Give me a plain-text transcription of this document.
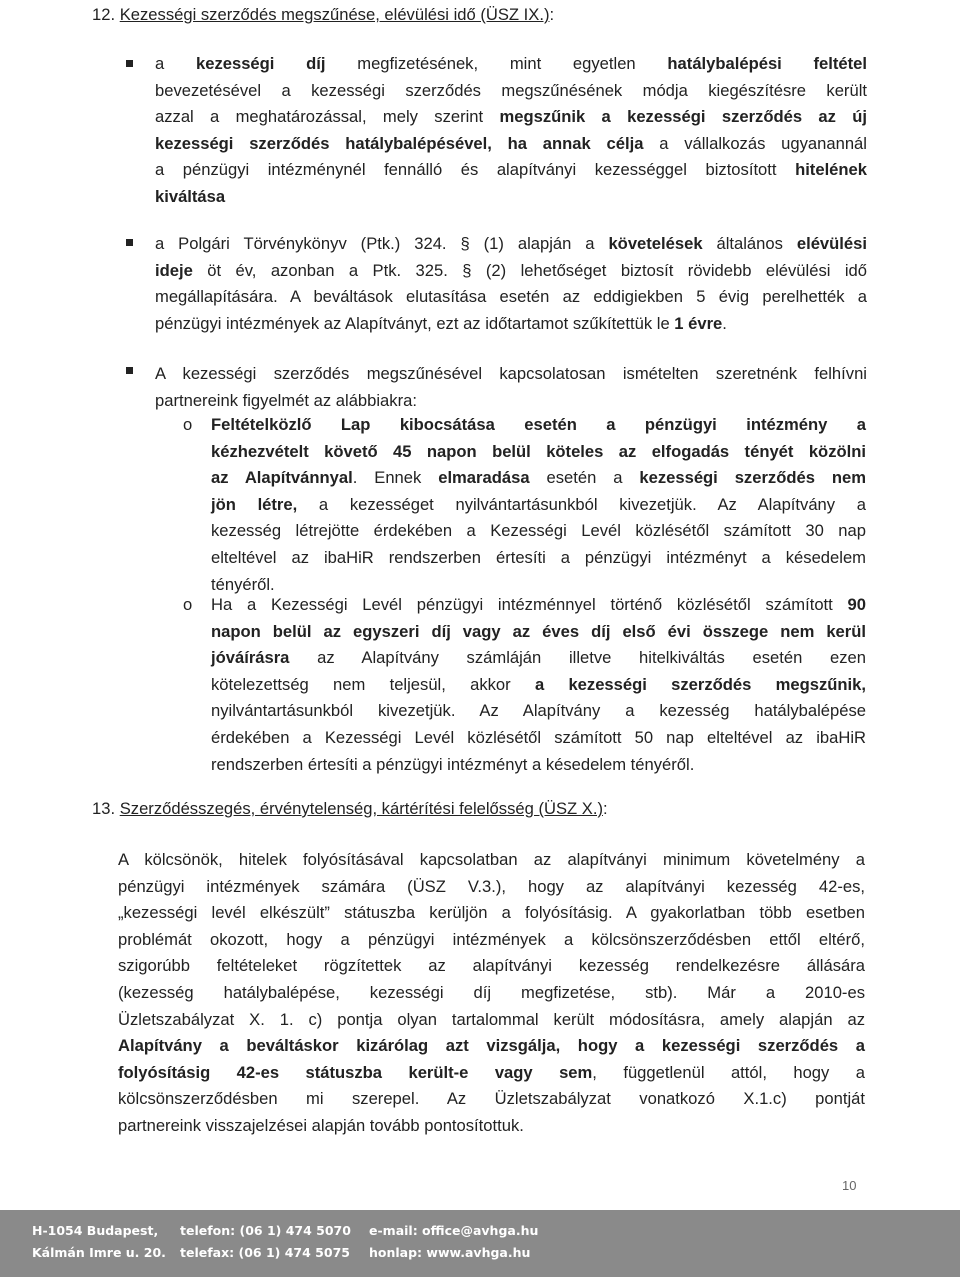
12. Kezességi szerződés megszűnése, elévülési idő (ÜSZ IX.):
a kezességi díj megfizetésének, mint egyetlen hatálybalépési feltétel
bevezetésével a kezességi szerződés megszűnésének módja kiegészítésre került
azzal a meghatározással, mely szerint megszűnik a kezességi szerződés az új
kezességi szerződés hatálybalépésével, ha annak célja a vállalkozás ugyanannál
a pénzügyi intézménynél fennálló és alapítványi kezességgel biztosított hitelének
kiváltása
a Polgári Törvénykönyv (Ptk.) 324. § (1) alapján a követelések általános elévülési
ideje öt év, azonban a Ptk. 325. § (2) lehetőséget biztosít rövidebb elévülési idő
megállapítására. A beváltások elutasítása esetén az eddigiekben 5 évig perelhették a
pénzügyi intézmények az Alapítványt, ezt az időtartamot szűkítettük le 1 évre.
A kezességi szerződés megszűnésével kapcsolatosan ismételten szeretnénk felhívni
partnereink figyelmét az alábbiakra:
o Feltételközlő Lap kibocsátása esetén a pénzügyi intézmény a
kézhezvételt követő 45 napon belül köteles az elfogadás tényét közölni
az Alapítvánnyal. Ennek elmaradása esetén a kezességi szerződés nem
jön létre, a kezességet nyilvántartásunkból kivezetjük. Az Alapítvány a
kezesség létrejötte érdekében a Kezességi Levél közlésétől számított 30 nap
elteltével az ibaHiR rendszerben értesíti a pénzügyi intézményt a késedelem
tényéről.
o Ha a Kezességi Levél pénzügyi intézménnyel történő közlésétől számított 90
napon belül az egyszeri díj vagy az éves díj első évi összege nem kerül
jóváírásra az Alapítvány számláján illetve hitelkiváltás esetén ezen
kötelezettség nem teljesül, akkor a kezességi szerződés megszűnik,
nyilvántartásunkból kivezetjük. Az Alapítvány a kezesség hatálybalépése
érdekében a Kezességi Levél közlésétől számított 50 nap elteltével az ibaHiR
rendszerben értesíti a pénzügyi intézményt a késedelem tényéről.
13. Szerződésszegés, érvénytelenség, kártérítési felelősség (ÜSZ X.):
A kölcsönök, hitelek folyósításával kapcsolatban az alapítványi minimum követelmény a
pénzügyi intézmények számára (ÜSZ V.3.), hogy az alapítványi kezesség 42-es,
„kezességi levél elkészült” státuszba kerüljön a folyósításig. A gyakorlatban több esetben
problémát okozott, hogy a pénzügyi intézmények a kölcsönszerződésben ettől eltérő,
szigorúbb feltételeket rögzítettek az alapítványi kezesség rendelkezésre állására
(kezesség hatálybalépése, kezességi díj megfizetése, stb). Már a 2010-es
Üzletszabályzat X. 1. c) pontja olyan tartalommal került módosításra, amely alapján az
Alapítvány a beváltáskor kizárólag azt vizsgálja, hogy a kezességi szerződés a
folyósításig 42-es státuszba került-e vagy sem, függetlenül attól, hogy a
kölcsönszerződésben mi szerepel. Az Üzletszabályzat vonatkozó X.1.c) pontját
partnereink visszajelzései alapján tovább pontosítottuk.
10
H-1054 Budapest,
Kálmán Imre u. 20.
telefon: (06 1) 474 5070
telefax: (06 1) 474 5075
e-mail: office@avhga.hu
honlap: www.avhga.hu
